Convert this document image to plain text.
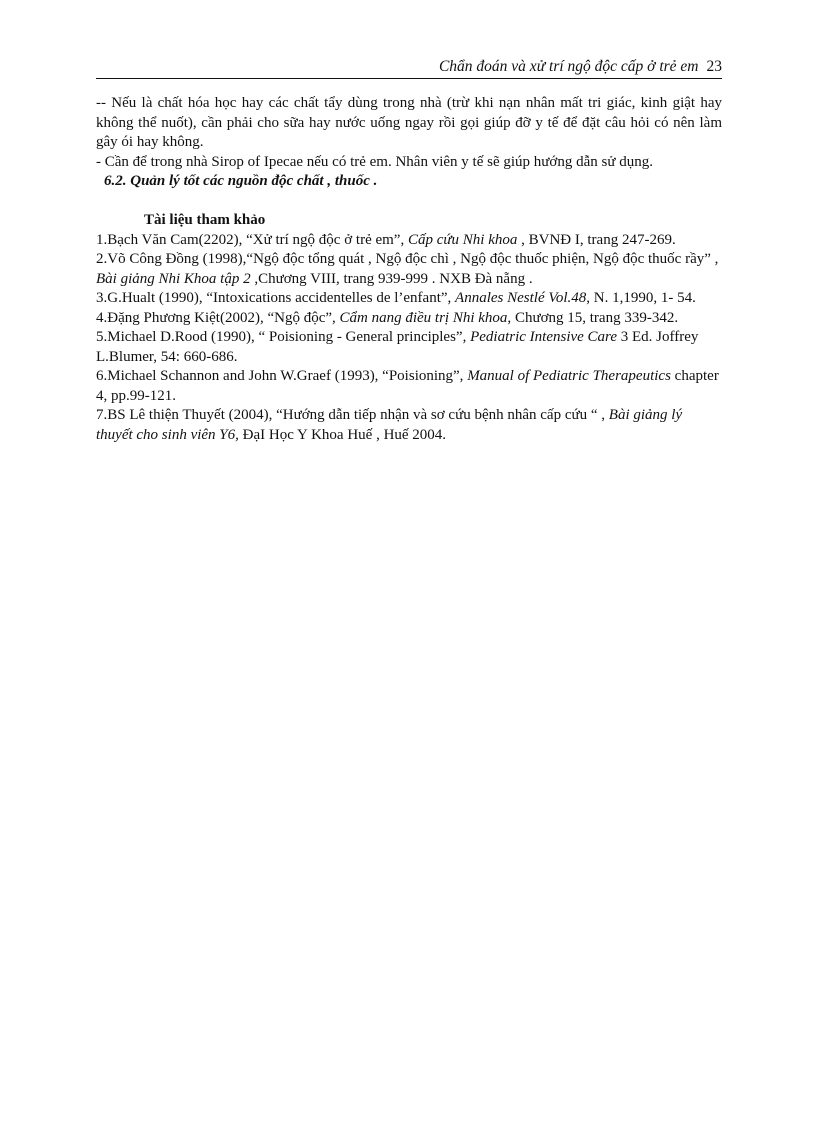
Chẩn đoán và xử trí ngộ độc cấp ở trẻ em 23

-- Nếu là chất hóa học hay các chất tẩy dùng trong nhà (trừ khi nạn nhân mất tri giác, kinh giật hay không thể nuốt), cần phải cho sữa hay nước uống ngay rồi gọi giúp đỡ y tế để đặt câu hỏi có nên làm gây ói hay không.

- Cần để trong nhà Sirop of Ipecae nếu có trẻ em. Nhân viên y tế sẽ giúp hướng dẫn sử dụng.

6.2. Quản lý tốt các nguồn độc chất , thuốc .

Tài liệu tham khảo

1.Bạch Văn Cam(2202), “Xử trí ngộ độc ở trẻ em”, Cấp cứu Nhi khoa , BVNĐ I, trang 247-269.
2.Võ Công Đồng (1998),“Ngộ độc tổng quát , Ngộ độc chì , Ngộ độc thuốc phiện, Ngộ độc thuốc rầy” , Bài giảng Nhi Khoa tập 2 ,Chương VIII, trang 939-999 . NXB Đà nẵng .
3.G.Hualt (1990), “Intoxications accidentelles de l’enfant”, Annales Nestlé Vol.48, N. 1,1990, 1- 54.
4.Đặng Phương Kiệt(2002), “Ngộ độc”, Cẩm nang điều trị Nhi khoa, Chương 15, trang 339-342.
5.Michael D.Rood (1990), “ Poisioning - General principles”, Pediatric Intensive Care 3 Ed. Joffrey L.Blumer, 54: 660-686.
6.Michael Schannon and John W.Graef (1993), “Poisioning”, Manual of Pediatric Therapeutics chapter 4, pp.99-121.
7.BS Lê thiện Thuyết (2004), “Hướng dẫn tiếp nhận và sơ cứu bệnh nhân cấp cứu “ , Bài giảng lý thuyết cho sinh viên Y6, ĐạI Học Y Khoa Huế , Huế 2004.
